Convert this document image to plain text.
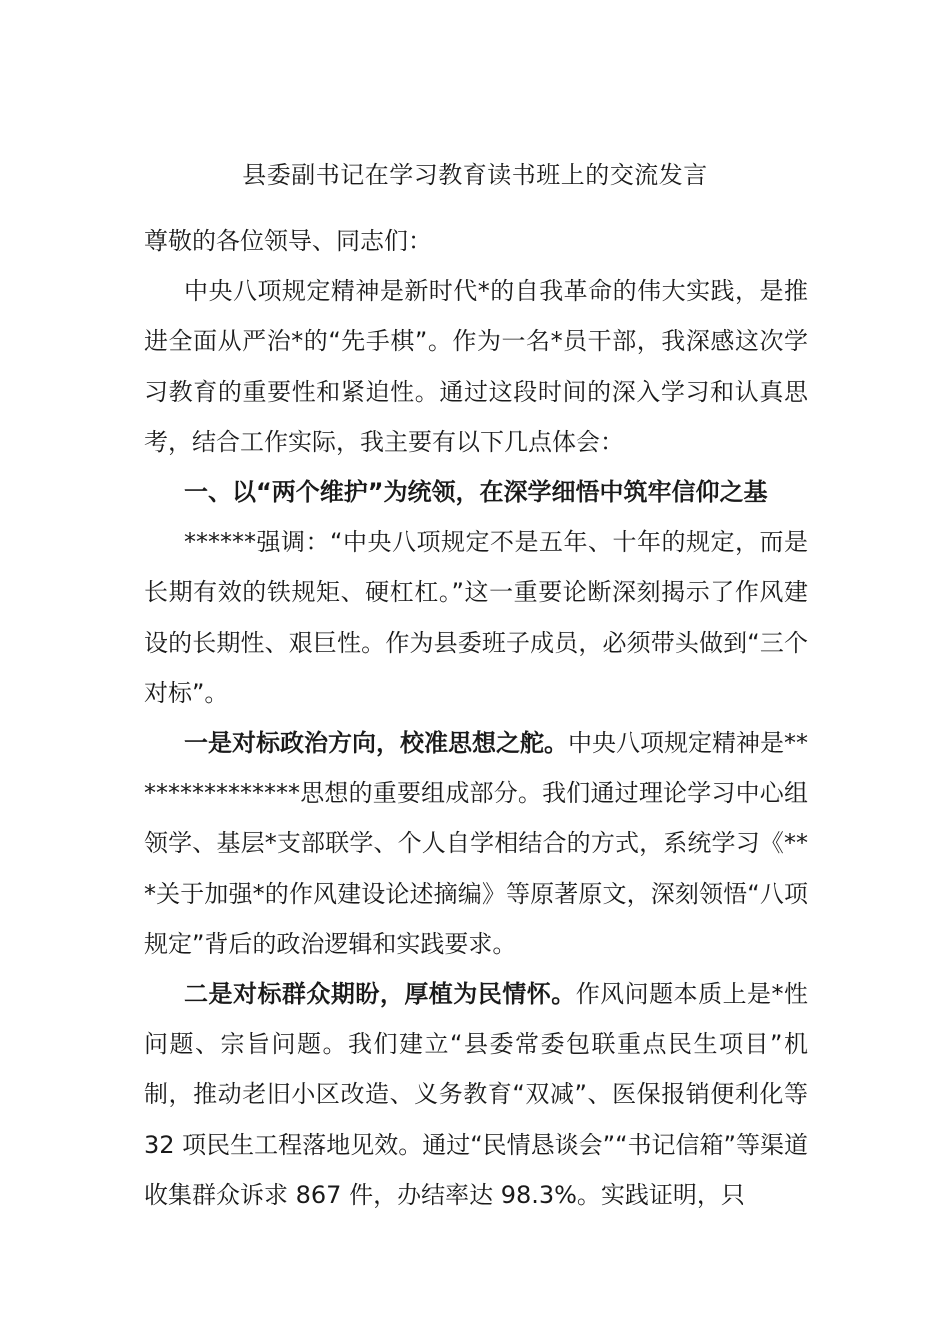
县委副书记在学习教育读书班上的交流发言

尊敬的各位领导、同志们：

中央八项规定精神是新时代*的自我革命的伟大实践，是推进全面从严治*的“先手棋”。作为一名*员干部，我深感这次学习教育的重要性和紧迫性。通过这段时间的深入学习和认真思考，结合工作实际，我主要有以下几点体会：

一、以“两个维护”为统领，在深学细悟中筑牢信仰之基

******强调：“中央八项规定不是五年、十年的规定，而是长期有效的铁规矩、硬杠杠。”这一重要论断深刻揭示了作风建设的长期性、艰巨性。作为县委班子成员，必须带头做到“三个对标”。

一是对标政治方向，校准思想之舵。中央八项规定精神是***************思想的重要组成部分。我们通过理论学习中心组领学、基层*支部联学、个人自学相结合的方式，系统学习《***关于加强*的作风建设论述摘编》等原著原文，深刻领悟“八项规定”背后的政治逻辑和实践要求。

二是对标群众期盼，厚植为民情怀。作风问题本质上是*性问题、宗旨问题。我们建立“县委常委包联重点民生项目”机制，推动老旧小区改造、义务教育“双减”、医保报销便利化等 32 项民生工程落地见效。通过“民情恳谈会”“书记信箱”等渠道收集群众诉求 867 件，办结率达 98.3%。实践证明，只
